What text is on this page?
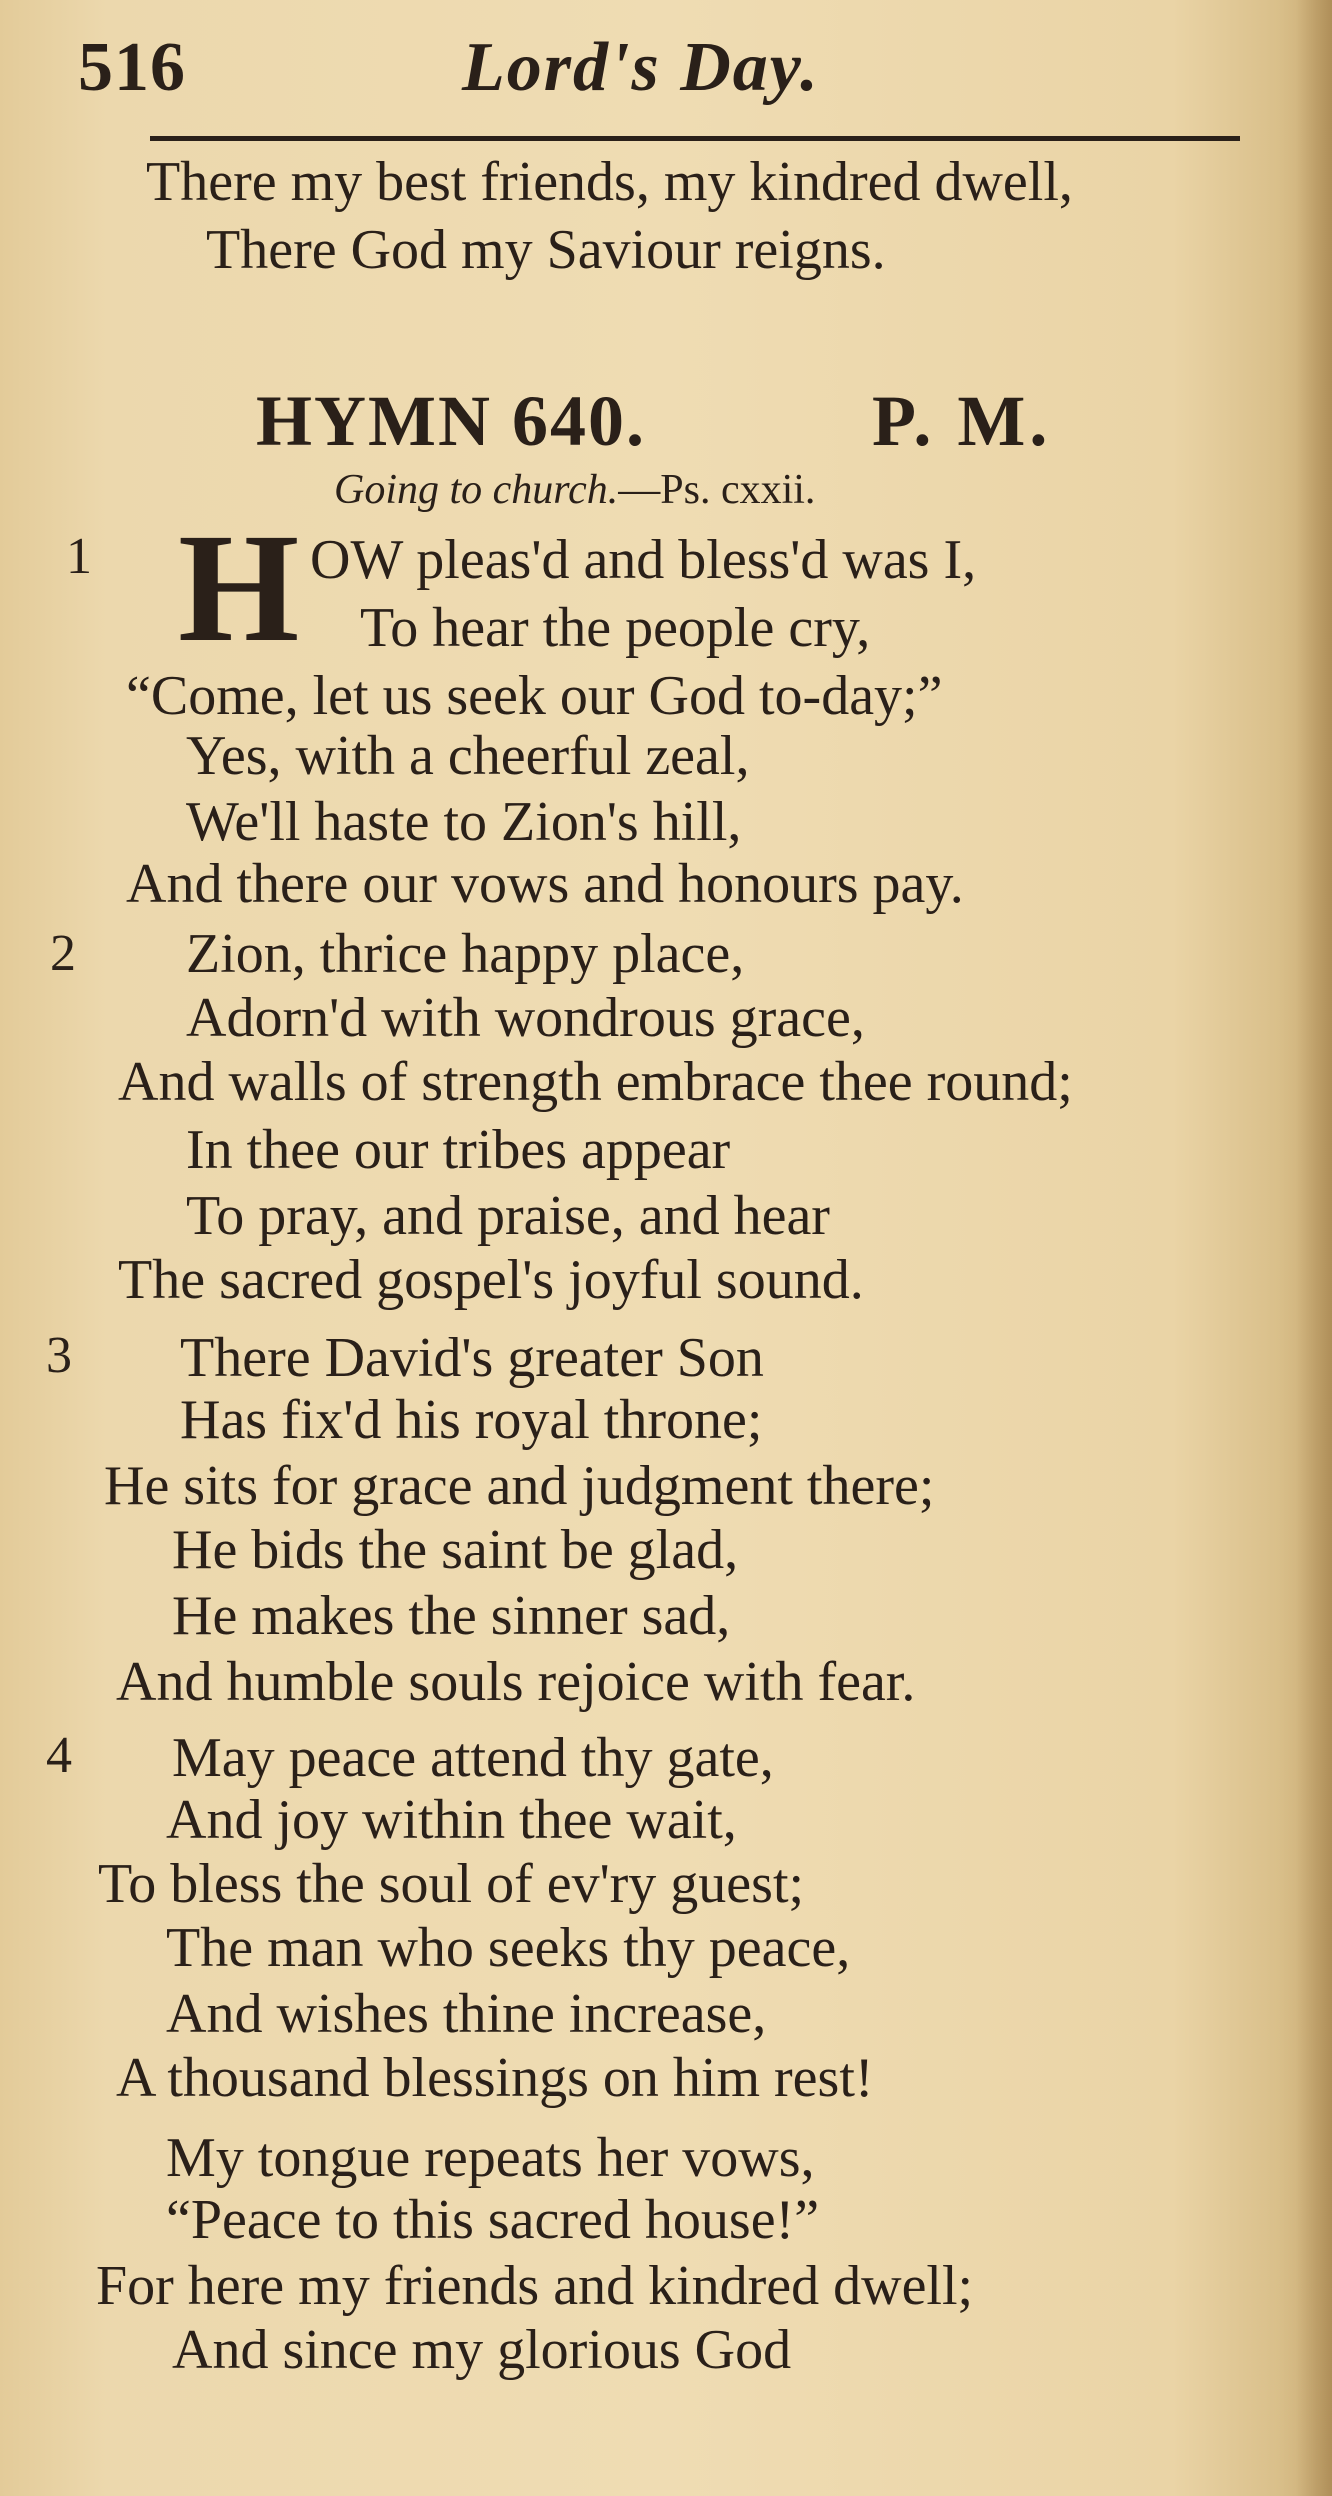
516	Lord's Day.
There my best friends, my kindred dwell,
There God my Saviour reigns.
HYMN 640.	P. M.
Going to church.—Ps. cxxii.
1 H OW pleas'd and bless'd was I,
To hear the people cry,
“Come, let us seek our God to-day;”
Yes, with a cheerful zeal,
We'll haste to Zion's hill,
And there our vows and honours pay.
2 Zion, thrice happy place,
Adorn'd with wondrous grace,
And walls of strength embrace thee round;
In thee our tribes appear
To pray, and praise, and hear
The sacred gospel's joyful sound.
3 There David's greater Son
Has fix'd his royal throne;
He sits for grace and judgment there;
He bids the saint be glad,
He makes the sinner sad,
And humble souls rejoice with fear.
4 May peace attend thy gate,
And joy within thee wait,
To bless the soul of ev'ry guest;
The man who seeks thy peace,
And wishes thine increase,
A thousand blessings on him rest!
My tongue repeats her vows,
“Peace to this sacred house!”
For here my friends and kindred dwell;
And since my glorious God
